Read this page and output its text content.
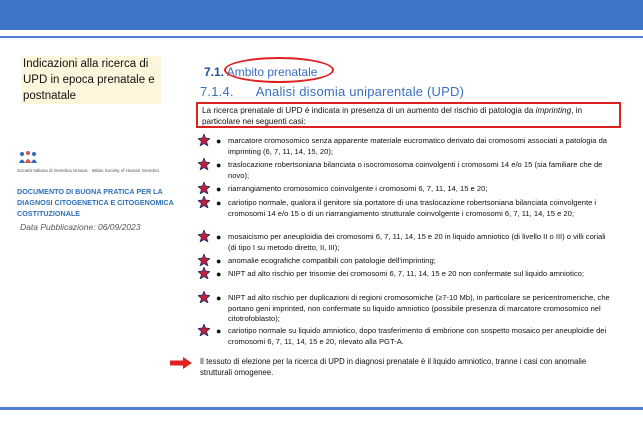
Indicazioni alla ricerca di UPD in epoca prenatale e postnatale
Società Italiana di Genetica Umana · Italian Society of Human Genetics
DOCUMENTO DI BUONA PRATICA PER LA DIAGNOSI CITOGENETICA E CITOGENOMICA COSTITUZIONALE
Data Pubblicazione: 06/09/2023
7.1. Ambito prenatale
7.1.4. Analisi disomia uniparentale (UPD)
La ricerca prenatale di UPD è indicata in presenza di un aumento del rischio di patologia da imprinting, in particolare nei seguenti casi:
● marcatore cromosomico senza apparente materiale eucromatico derivato dai cromosomi associati a patologia da imprinting (6, 7, 11, 14, 15, 20);
● traslocazione robertsoniana bilanciata o isocromosoma coinvolgenti i cromosomi 14 e/o 15 (sia familiare che de novo);
● riarrangiamento cromosomico coinvolgente i cromosomi 6, 7, 11, 14, 15 e 20;
● cariotipo normale, qualora il genitore sia portatore di una traslocazione robertsoniana bilanciata coinvolgente i cromosomi 14 e/o 15 o di un riarrangiamento strutturale coinvolgente i cromosomi 6, 7, 11, 14, 15 e 20;
● mosaicismo per aneuploidia dei cromosomi 6, 7, 11, 14, 15 e 20 in liquido amniotico (di livello II o III) o villi coriali (di tipo I su metodo diretto, II, III);
● anomalie ecografiche compatibili con patologie dell'imprinting;
● NIPT ad alto rischio per trisomie dei cromosomi 6, 7, 11, 14, 15 e 20 non confermate sul liquido amniotico;
● NIPT ad alto rischio per duplicazioni di regioni cromosomiche (≥7-10 Mb), in particolare se pericentromeriche, che portano geni imprinted, non confermate su liquido amniotico (possibile presenza di marcatore cromosomico nel citotrofoblasto);
● cariotipo normale su liquido amniotico, dopo trasferimento di embrione con sospetto mosaico per aneuploidie dei cromosomi 6, 7, 11, 14, 15 e 20, rilevato alla PGT-A.
Il tessuto di elezione per la ricerca di UPD in diagnosi prenatale è il liquido amniotico, tranne i casi con anomalie strutturali omogenee.
